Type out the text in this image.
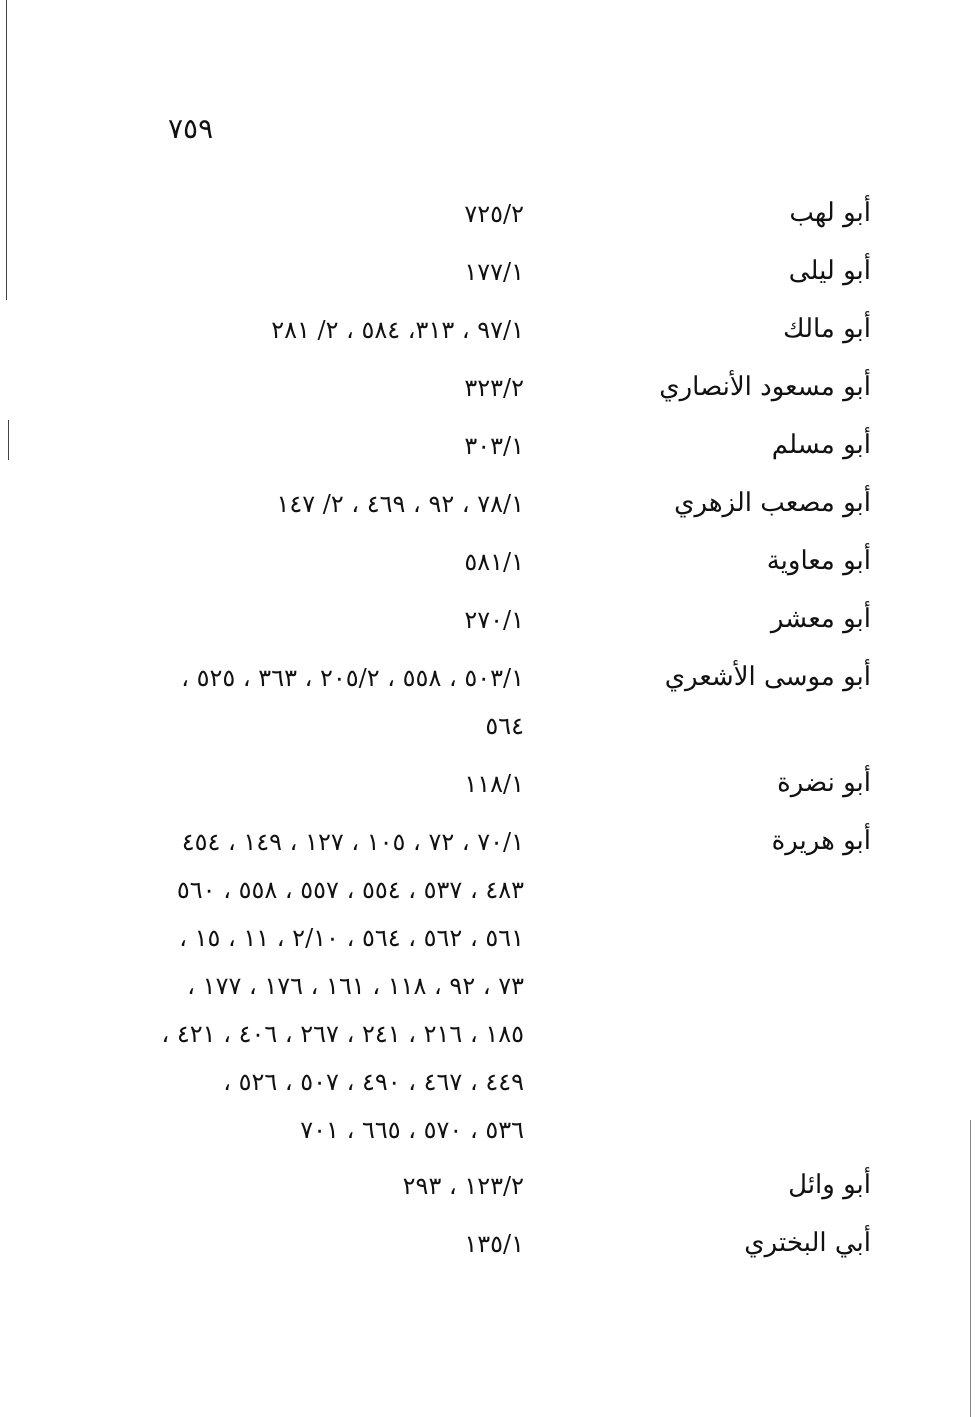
٧٥٩
أبو لهب
٧٢٥/٢
أبو ليلى
١٧٧/١
أبو مالك
٩٧/١ ، ٣١٣، ٥٨٤ ، ٢/ ٢٨١
أبو مسعود الأنصاري
٣٢٣/٢
أبو مسلم
٣٠٣/١
أبو مصعب الزهري
٧٨/١ ، ٩٢ ، ٤٦٩ ، ٢/ ١٤٧
أبو معاوية
٥٨١/١
أبو معشر
٢٧٠/١
أبو موسى الأشعري
٥٠٣/١ ، ٥٥٨ ، ٢٠٥/٢ ، ٣٦٣ ، ٥٢٥ ،
٥٦٤
أبو نضرة
١١٨/١
أبو هريرة
٧٠/١ ، ٧٢ ، ١٠٥ ، ١٢٧ ، ١٤٩ ، ٤٥٤
٤٨٣ ، ٥٣٧ ، ٥٥٤ ، ٥٥٧ ، ٥٥٨ ، ٥٦٠
٥٦١ ، ٥٦٢ ، ٥٦٤ ، ٢/١٠ ، ١١ ، ١٥ ،
٧٣ ، ٩٢ ، ١١٨ ، ١٦١ ، ١٧٦ ، ١٧٧ ،
١٨٥ ، ٢١٦ ، ٢٤١ ، ٢٦٧ ، ٤٠٦ ، ٤٢١ ،
٤٤٩ ، ٤٦٧ ، ٤٩٠ ، ٥٠٧ ، ٥٢٦ ،
٥٣٦ ، ٥٧٠ ، ٦٦٥ ، ٧٠١
أبو وائل
١٢٣/٢ ، ٢٩٣
أبي البختري
١٣٥/١
